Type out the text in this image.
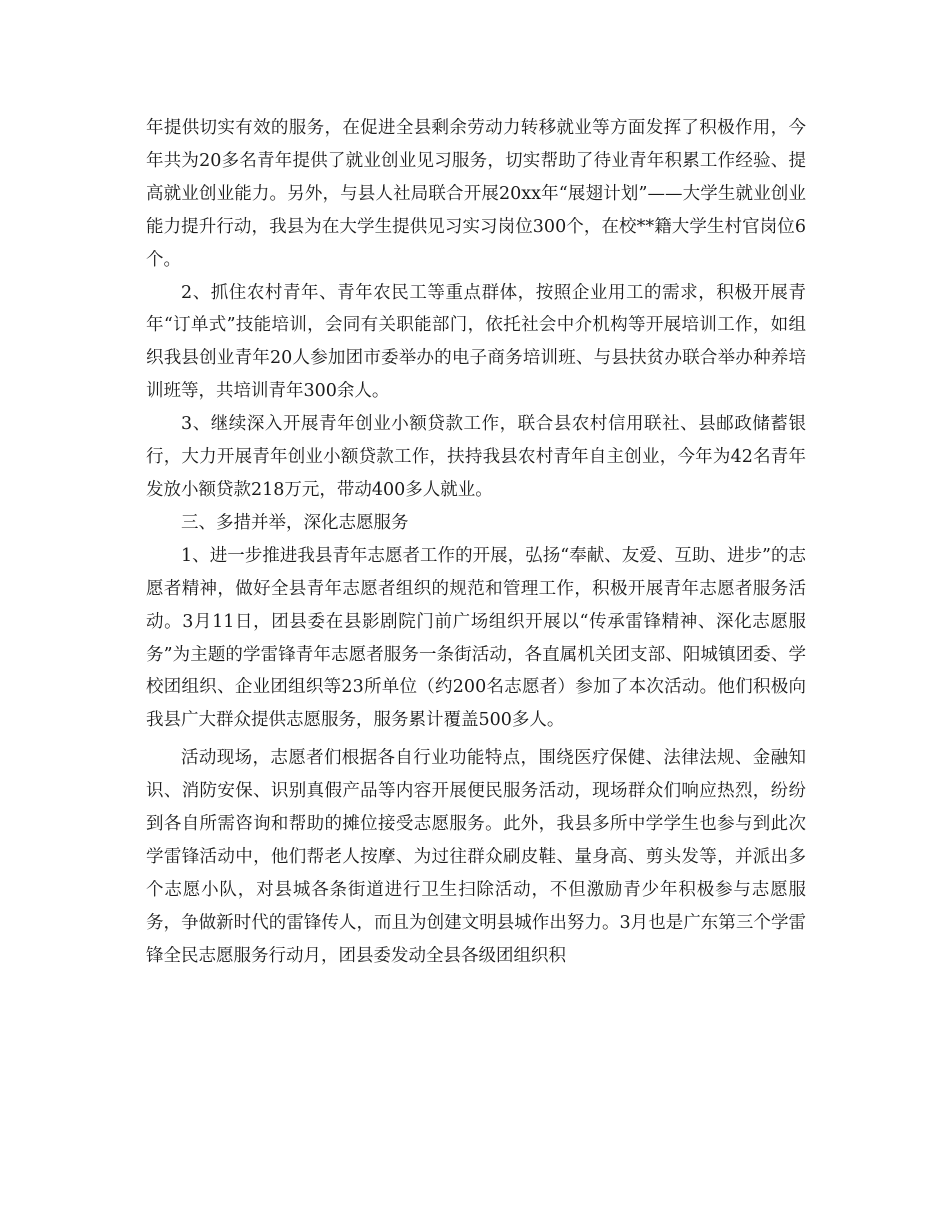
年提供切实有效的服务，在促进全县剩余劳动力转移就业等方面发挥了积极作用，今年共为20多名青年提供了就业创业见习服务，切实帮助了待业青年积累工作经验、提高就业创业能力。另外，与县人社局联合开展20xx年“展翅计划”——大学生就业创业能力提升行动，我县为在大学生提供见习实习岗位300个，在校**籍大学生村官岗位6个。

2、抓住农村青年、青年农民工等重点群体，按照企业用工的需求，积极开展青年“订单式”技能培训，会同有关职能部门，依托社会中介机构等开展培训工作，如组织我县创业青年20人参加团市委举办的电子商务培训班、与县扶贫办联合举办种养培训班等，共培训青年300余人。

3、继续深入开展青年创业小额贷款工作，联合县农村信用联社、县邮政储蓄银行，大力开展青年创业小额贷款工作，扶持我县农村青年自主创业，今年为42名青年发放小额贷款218万元，带动400多人就业。

三、多措并举，深化志愿服务

1、进一步推进我县青年志愿者工作的开展，弘扬“奉献、友爱、互助、进步”的志愿者精神，做好全县青年志愿者组织的规范和管理工作，积极开展青年志愿者服务活动。3月11日，团县委在县影剧院门前广场组织开展以“传承雷锋精神、深化志愿服务”为主题的学雷锋青年志愿者服务一条街活动，各直属机关团支部、阳城镇团委、学校团组织、企业团组织等23所单位（约200名志愿者）参加了本次活动。他们积极向我县广大群众提供志愿服务，服务累计覆盖500多人。

活动现场，志愿者们根据各自行业功能特点，围绕医疗保健、法律法规、金融知识、消防安保、识别真假产品等内容开展便民服务活动，现场群众们响应热烈，纷纷到各自所需咨询和帮助的摊位接受志愿服务。此外，我县多所中学学生也参与到此次学雷锋活动中，他们帮老人按摩、为过往群众刷皮鞋、量身高、剪头发等，并派出多个志愿小队，对县城各条街道进行卫生扫除活动，不但激励青少年积极参与志愿服务，争做新时代的雷锋传人，而且为创建文明县城作出努力。3月也是广东第三个学雷锋全民志愿服务行动月，团县委发动全县各级团组织积
